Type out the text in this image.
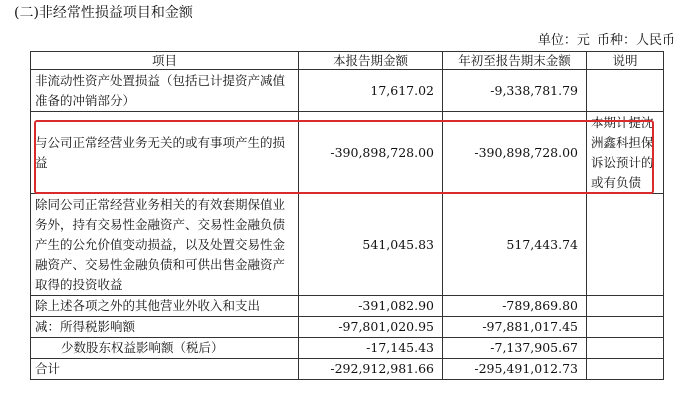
(二)非经常性损益项目和金额
单位：元 币种：人民币
项目	本报告期金额	年初至报告期末金额	说明
非流动性资产处置损益（包括已计提资产减值准备的冲销部分）	17,617.02	-9,338,781.79	
与公司正常经营业务无关的或有事项产生的损益	-390,898,728.00	-390,898,728.00	本期计提沈洲鑫科担保诉讼预计的或有负债
除同公司正常经营业务相关的有效套期保值业务外，持有交易性金融资产、交易性金融负债产生的公允价值变动损益，以及处置交易性金融资产、交易性金融负债和可供出售金融资产取得的投资收益	541,045.83	517,443.74	
除上述各项之外的其他营业外收入和支出	-391,082.90	-789,869.80	
减：所得税影响额	-97,801,020.95	-97,881,017.45	
少数股东权益影响额（税后）	-17,145.43	-7,137,905.67	
合计	-292,912,981.66	-295,491,012.73	
